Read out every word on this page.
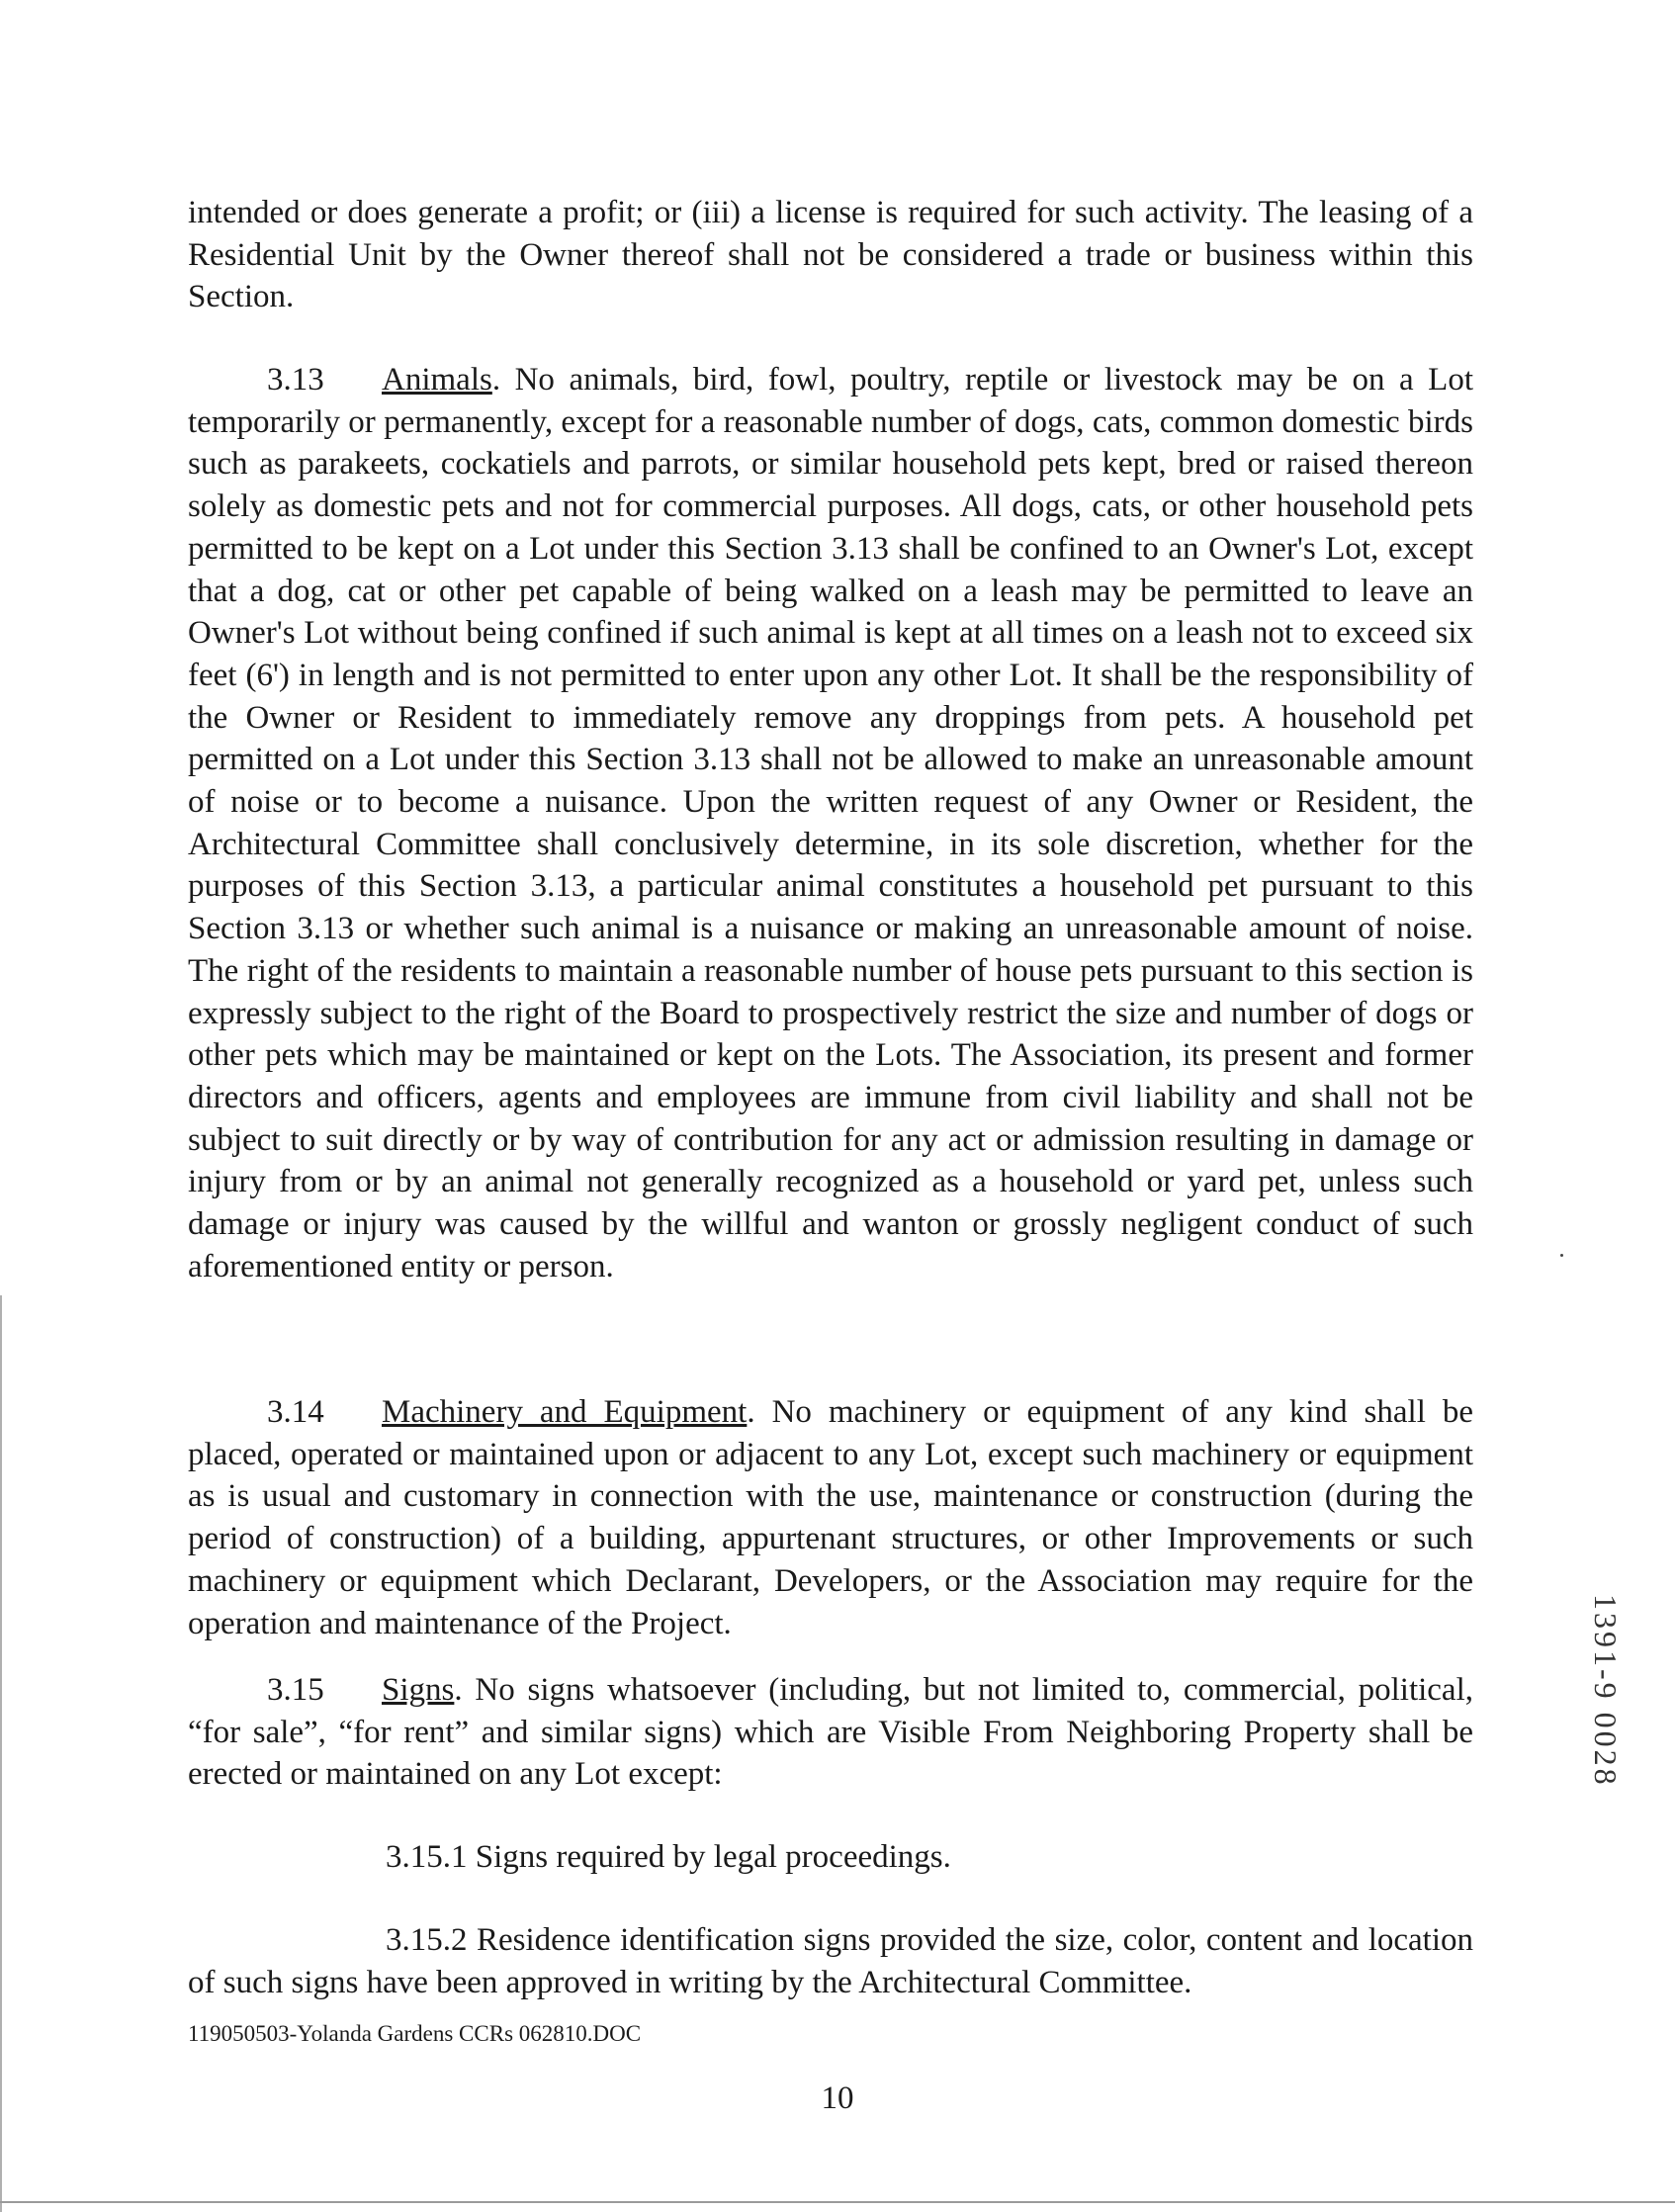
intended or does generate a profit; or (iii) a license is required for such activity. The leasing of a Residential Unit by the Owner thereof shall not be considered a trade or business within this Section.

3.13 Animals. No animals, bird, fowl, poultry, reptile or livestock may be on a Lot temporarily or permanently, except for a reasonable number of dogs, cats, common domestic birds such as parakeets, cockatiels and parrots, or similar household pets kept, bred or raised thereon solely as domestic pets and not for commercial purposes. All dogs, cats, or other household pets permitted to be kept on a Lot under this Section 3.13 shall be confined to an Owner's Lot, except that a dog, cat or other pet capable of being walked on a leash may be permitted to leave an Owner's Lot without being confined if such animal is kept at all times on a leash not to exceed six feet (6') in length and is not permitted to enter upon any other Lot. It shall be the responsibility of the Owner or Resident to immediately remove any droppings from pets. A household pet permitted on a Lot under this Section 3.13 shall not be allowed to make an unreasonable amount of noise or to become a nuisance. Upon the written request of any Owner or Resident, the Architectural Committee shall conclusively determine, in its sole discretion, whether for the purposes of this Section 3.13, a particular animal constitutes a household pet pursuant to this Section 3.13 or whether such animal is a nuisance or making an unreasonable amount of noise. The right of the residents to maintain a reasonable number of house pets pursuant to this section is expressly subject to the right of the Board to prospectively restrict the size and number of dogs or other pets which may be maintained or kept on the Lots. The Association, its present and former directors and officers, agents and employees are immune from civil liability and shall not be subject to suit directly or by way of contribution for any act or admission resulting in damage or injury from or by an animal not generally recognized as a household or yard pet, unless such damage or injury was caused by the willful and wanton or grossly negligent conduct of such aforementioned entity or person.

3.14 Machinery and Equipment. No machinery or equipment of any kind shall be placed, operated or maintained upon or adjacent to any Lot, except such machinery or equipment as is usual and customary in connection with the use, maintenance or construction (during the period of construction) of a building, appurtenant structures, or other Improvements or such machinery or equipment which Declarant, Developers, or the Association may require for the operation and maintenance of the Project.

3.15 Signs. No signs whatsoever (including, but not limited to, commercial, political, “for sale”, “for rent” and similar signs) which are Visible From Neighboring Property shall be erected or maintained on any Lot except:

3.15.1 Signs required by legal proceedings.

3.15.2 Residence identification signs provided the size, color, content and location of such signs have been approved in writing by the Architectural Committee.

119050503-Yolanda Gardens CCRs 062810.DOC

10

1391-9 0028
